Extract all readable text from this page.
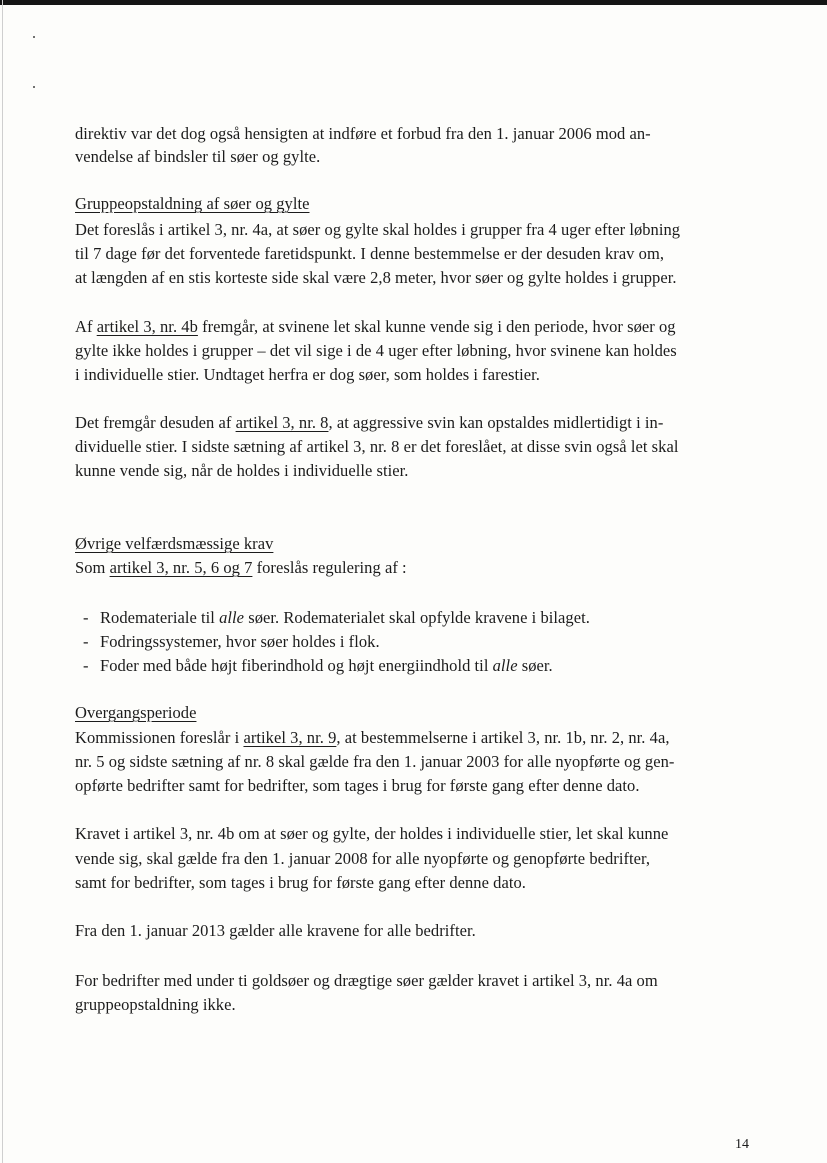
direktiv var det dog også hensigten at indføre et forbud fra den 1. januar 2006 mod an-
vendelse af bindsler til søer og gylte.
Gruppeopstaldning af søer og gylte
Det foreslås i artikel 3, nr. 4a, at søer og gylte skal holdes i grupper fra 4 uger efter løbning
til 7 dage før det forventede faretidspunkt. I denne bestemmelse er der desuden krav om,
at længden af en stis korteste side skal være 2,8 meter, hvor søer og gylte holdes i grupper.
Af artikel 3, nr. 4b fremgår, at svinene let skal kunne vende sig i den periode, hvor søer og
gylte ikke holdes i grupper – det vil sige i de 4 uger efter løbning, hvor svinene kan holdes
i individuelle stier. Undtaget herfra er dog søer, som holdes i farestier.
Det fremgår desuden af artikel 3, nr. 8, at aggressive svin kan opstaldes midlertidigt i in-
dividuelle stier. I sidste sætning af artikel 3, nr. 8 er det foreslået, at disse svin også let skal
kunne vende sig, når de holdes i individuelle stier.
Øvrige velfærdsmæssige krav
Som artikel 3, nr. 5, 6 og 7 foreslås regulering af :
- Rodemateriale til alle søer. Rodematerialet skal opfylde kravene i bilaget.
- Fodringssystemer, hvor søer holdes i flok.
- Foder med både højt fiberindhold og højt energiindhold til alle søer.
Overgangsperiode
Kommissionen foreslår i artikel 3, nr. 9, at bestemmelserne i artikel 3, nr. 1b, nr. 2, nr. 4a,
nr. 5 og sidste sætning af nr. 8 skal gælde fra den 1. januar 2003 for alle nyopførte og gen-
opførte bedrifter samt for bedrifter, som tages i brug for første gang efter denne dato.
Kravet i artikel 3, nr. 4b om at søer og gylte, der holdes i individuelle stier, let skal kunne
vende sig, skal gælde fra den 1. januar 2008 for alle nyopførte og genopførte bedrifter,
samt for bedrifter, som tages i brug for første gang efter denne dato.
Fra den 1. januar 2013 gælder alle kravene for alle bedrifter.
For bedrifter med under ti goldsøer og drægtige søer gælder kravet i artikel 3, nr. 4a om
gruppeopstaldning ikke.
14
